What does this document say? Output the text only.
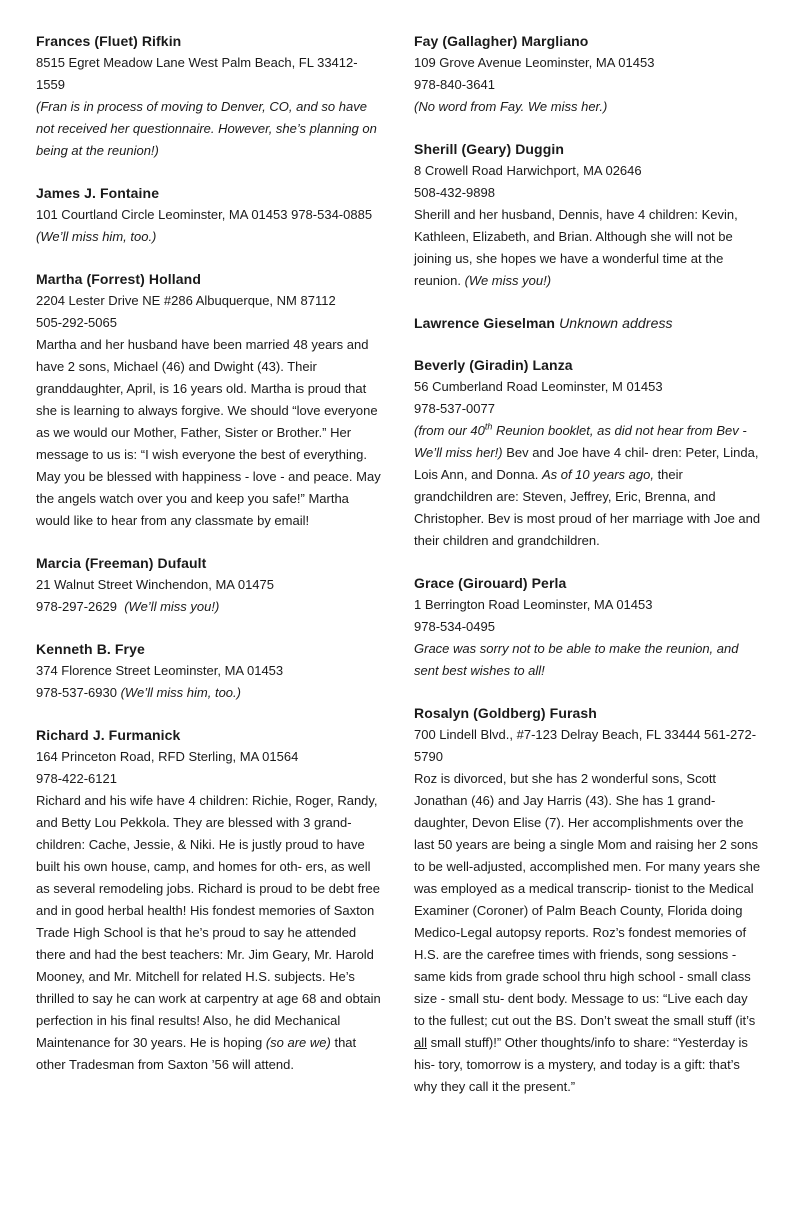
Frances (Fluet) Rifkin
8515 Egret Meadow Lane West Palm Beach, FL 33412-1559
(Fran is in process of moving to Denver, CO, and so have not received her questionnaire. However, she’s planning on being at the reunion!)
James J. Fontaine
101 Courtland Circle Leominster, MA 01453 978-534-0885 (We’ll miss him, too.)
Martha (Forrest) Holland
2204 Lester Drive NE #286 Albuquerque, NM 87112
505-292-5065
Martha and her husband have been married 48 years and have 2 sons, Michael (46) and Dwight (43). Their granddaughter, April, is 16 years old. Martha is proud that she is learning to always forgive. We should “love everyone as we would our Mother, Father, Sister or Brother.” Her message to us is: “I wish everyone the best of everything. May you be blessed with happiness - love - and peace. May the angels watch over you and keep you safe!” Martha would like to hear from any classmate by email!
Marcia (Freeman) Dufault
21 Walnut Street Winchendon, MA 01475
978-297-2629 (We’ll miss you!)
Kenneth B. Frye
374 Florence Street Leominster, MA 01453
978-537-6930 (We’ll miss him, too.)
Richard J. Furmanick
164 Princeton Road, RFD Sterling, MA 01564
978-422-6121
Richard and his wife have 4 children: Richie, Roger, Randy, and Betty Lou Pekkola. They are blessed with 3 grand- children: Cache, Jessie, & Niki. He is justly proud to have built his own house, camp, and homes for oth- ers, as well as several remodeling jobs. Richard is proud to be debt free and in good herbal health! His fondest memories of Saxton Trade High School is that he’s proud to say he attended there and had the best teachers: Mr. Jim Geary, Mr. Harold Mooney, and Mr. Mitchell for related H.S. subjects. He’s thrilled to say he can work at carpentry at age 68 and obtain perfection in his final results! Also, he did Mechanical Maintenance for 30 years. He is hoping (so are we) that other Tradesman from Saxton ’56 will attend.
Fay (Gallagher) Margliano
109 Grove Avenue Leominster, MA 01453
978-840-3641
(No word from Fay. We miss her.)
Sherill (Geary) Duggin
8 Crowell Road Harwichport, MA 02646
508-432-9898
Sherill and her husband, Dennis, have 4 children: Kevin, Kathleen, Elizabeth, and Brian. Although she will not be joining us, she hopes we have a wonderful time at the reunion. (We miss you!)
Lawrence Gieselman Unknown address
Beverly (Giradin) Lanza
56 Cumberland Road Leominster, M 01453
978-537-0077
(from our 40th Reunion booklet, as did not hear from Bev - We’ll miss her!) Bev and Joe have 4 chil- dren: Peter, Linda, Lois Ann, and Donna. As of 10 years ago, their grandchildren are: Steven, Jeffrey, Eric, Brenna, and Christopher. Bev is most proud of her marriage with Joe and their children and grandchildren.
Grace (Girouard) Perla
1 Berrington Road Leominster, MA 01453
978-534-0495
Grace was sorry not to be able to make the reunion, and sent best wishes to all!
Rosalyn (Goldberg) Furash
700 Lindell Blvd., #7-123 Delray Beach, FL 33444 561-272-5790
Roz is divorced, but she has 2 wonderful sons, Scott Jonathan (46) and Jay Harris (43). She has 1 grand- daughter, Devon Elise (7). Her accomplishments over the last 50 years are being a single Mom and raising her 2 sons to be well-adjusted, accomplished men. For many years she was employed as a medical transcrip- tionist to the Medical Examiner (Coroner) of Palm Beach County, Florida doing Medico-Legal autopsy reports. Roz’s fondest memories of H.S. are the carefree times with friends, song sessions - same kids from grade school thru high school - small class size - small stu- dent body. Message to us: “Live each day to the fullest; cut out the BS. Don’t sweat the small stuff (it’s all small stuff)!” Other thoughts/info to share: “Yesterday is his- tory, tomorrow is a mystery, and today is a gift: that’s why they call it the present.”
